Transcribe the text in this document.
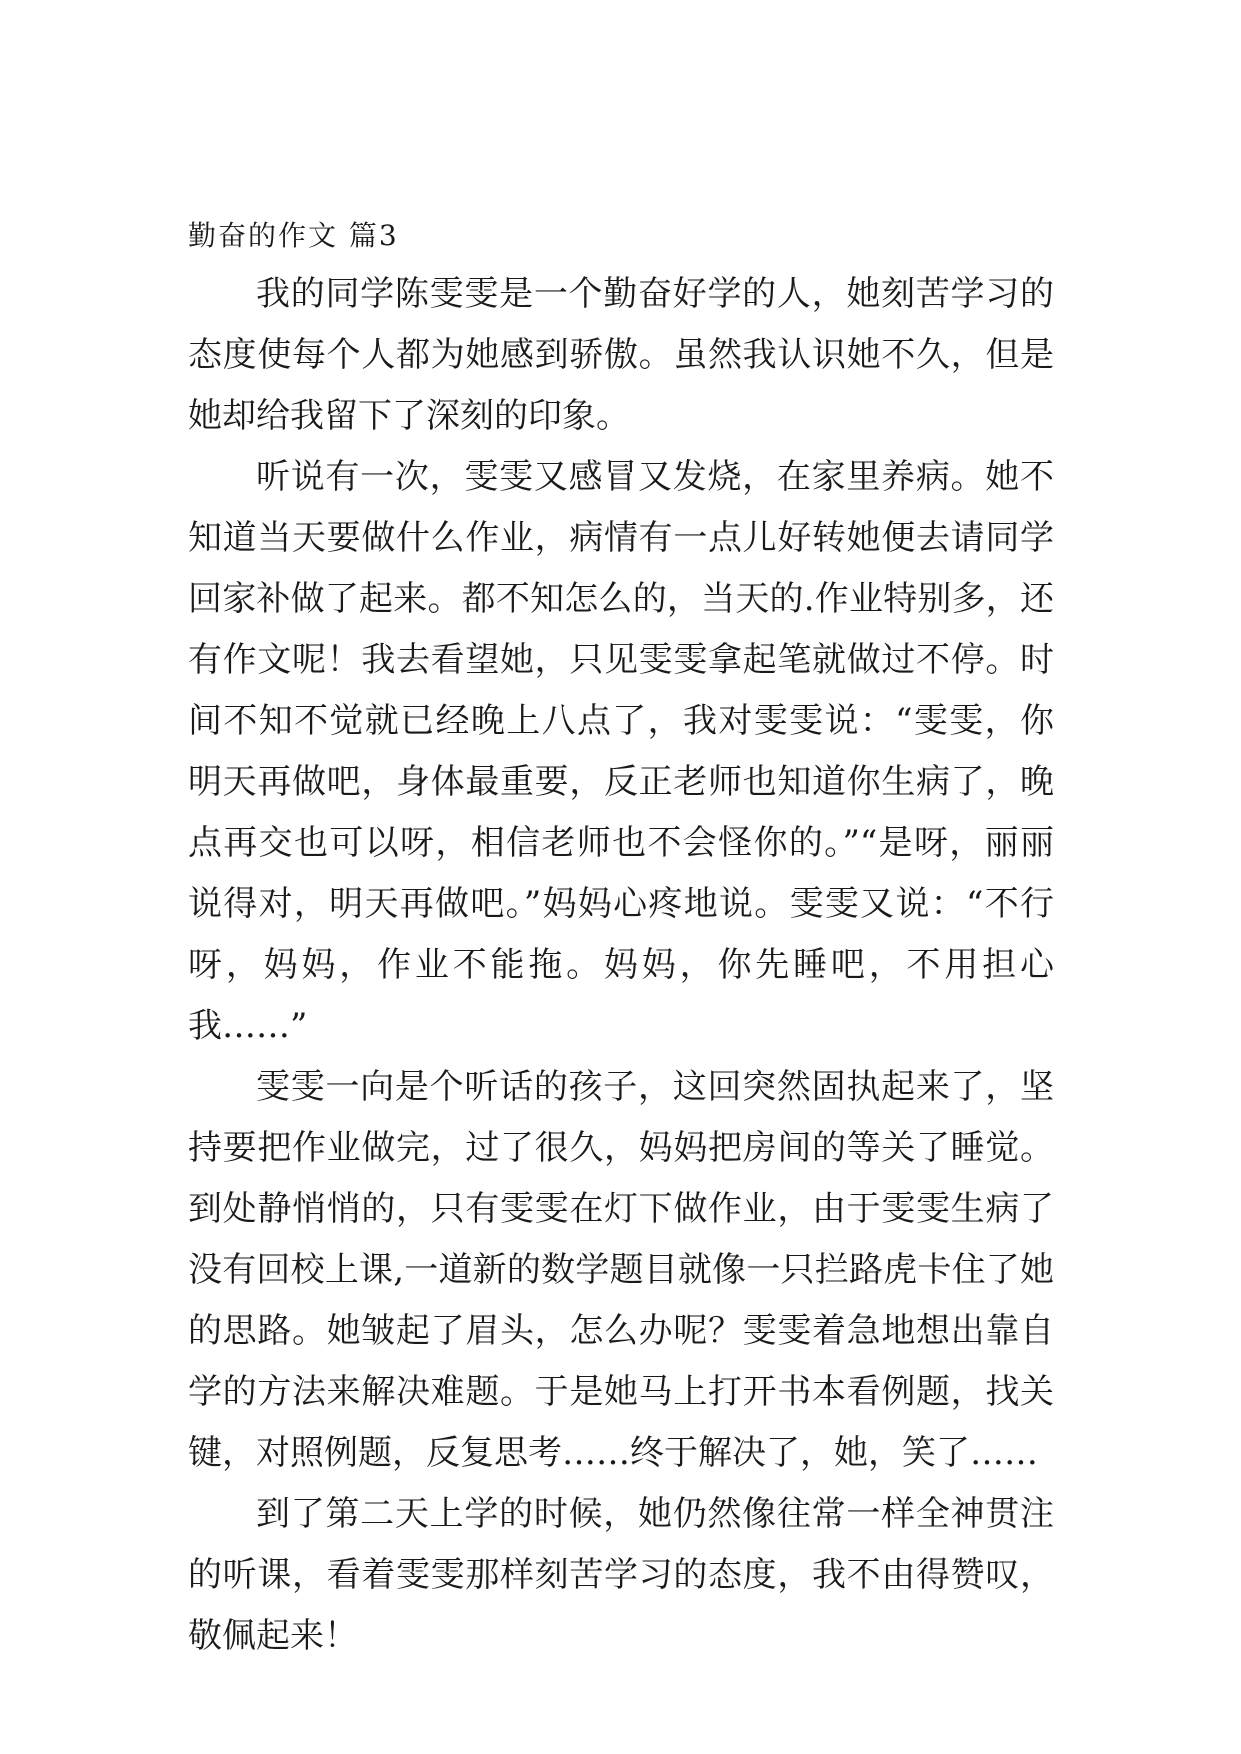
勤奋的作文 篇3

我的同学陈雯雯是一个勤奋好学的人，她刻苦学习的态度使每个人都为她感到骄傲。虽然我认识她不久，但是她却给我留下了深刻的印象。

听说有一次，雯雯又感冒又发烧，在家里养病。她不知道当天要做什么作业，病情有一点儿好转她便去请同学回家补做了起来。都不知怎么的，当天的.作业特别多，还有作文呢！我去看望她，只见雯雯拿起笔就做过不停。时间不知不觉就已经晚上八点了，我对雯雯说：“雯雯，你明天再做吧，身体最重要，反正老师也知道你生病了，晚点再交也可以呀，相信老师也不会怪你的。”“是呀，丽丽说得对，明天再做吧。”妈妈心疼地说。雯雯又说：“不行呀，妈妈，作业不能拖。妈妈，你先睡吧，不用担心我……”

雯雯一向是个听话的孩子，这回突然固执起来了，坚持要把作业做完，过了很久，妈妈把房间的等关了睡觉。到处静悄悄的，只有雯雯在灯下做作业，由于雯雯生病了没有回校上课,一道新的数学题目就像一只拦路虎卡住了她的思路。她皱起了眉头，怎么办呢？雯雯着急地想出靠自学的方法来解决难题。于是她马上打开书本看例题，找关键，对照例题，反复思考……终于解决了，她，笑了……

到了第二天上学的时候，她仍然像往常一样全神贯注的听课，看着雯雯那样刻苦学习的态度，我不由得赞叹，敬佩起来！
